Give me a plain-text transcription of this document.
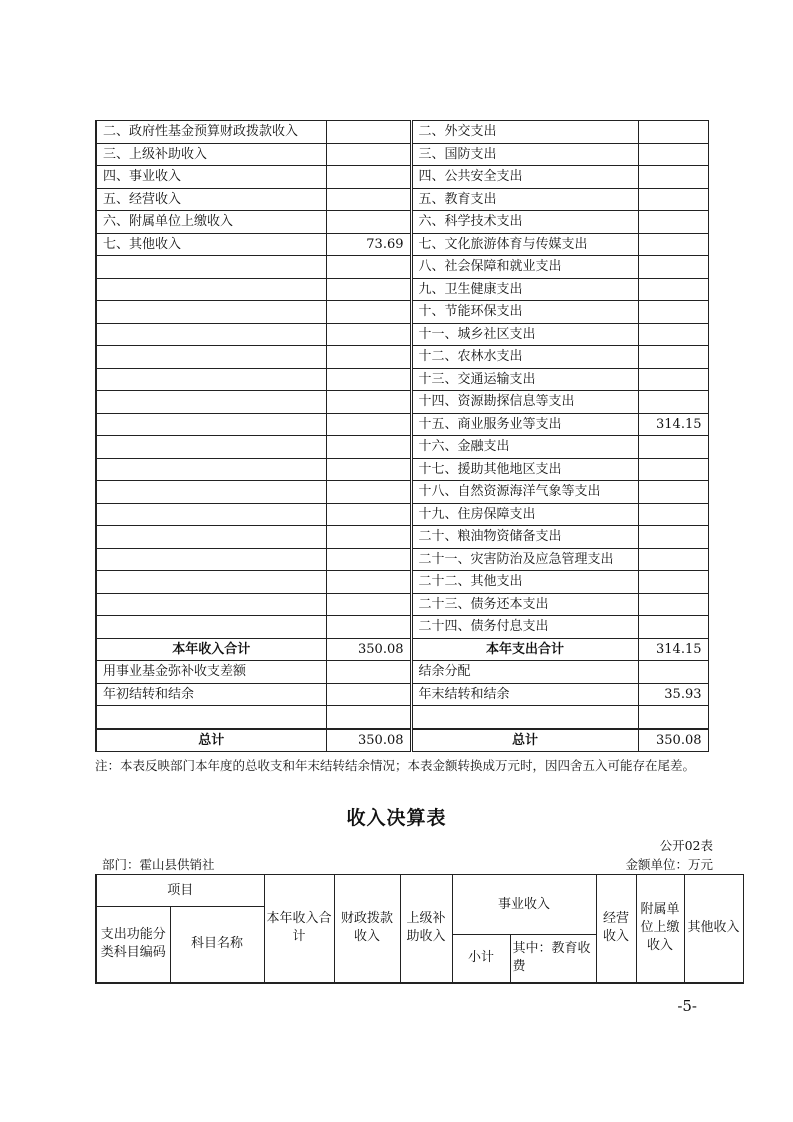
二、政府性基金预算财政拨款收入		二、外交支出	
三、上级补助收入		三、国防支出	
四、事业收入		四、公共安全支出	
五、经营收入		五、教育支出	
六、附属单位上缴收入		六、科学技术支出	
七、其他收入	73.69	七、文化旅游体育与传媒支出	
		八、社会保障和就业支出	
		九、卫生健康支出	
		十、节能环保支出	
		十一、城乡社区支出	
		十二、农林水支出	
		十三、交通运输支出	
		十四、资源勘探信息等支出	
		十五、商业服务业等支出	314.15
		十六、金融支出	
		十七、援助其他地区支出	
		十八、自然资源海洋气象等支出	
		十九、住房保障支出	
		二十、粮油物资储备支出	
		二十一、灾害防治及应急管理支出	
		二十二、其他支出	
		二十三、债务还本支出	
		二十四、债务付息支出	
本年收入合计	350.08	本年支出合计	314.15
用事业基金弥补收支差额		结余分配	
年初结转和结余		年末结转和结余	35.93

总计	350.08	总计	350.08
注：本表反映部门本年度的总收支和年末结转结余情况；本表金额转换成万元时，因四舍五入可能存在尾差。
收入决算表
公开02表
部门：霍山县供销社	金额单位：万元
项目		本年收入合计	财政拨款收入	上级补助收入	事业收入		经营收入	附属单位上缴收入	其他收入
支出功能分类科目编码	科目名称								
					小计	其中：教育收费			
-5-
